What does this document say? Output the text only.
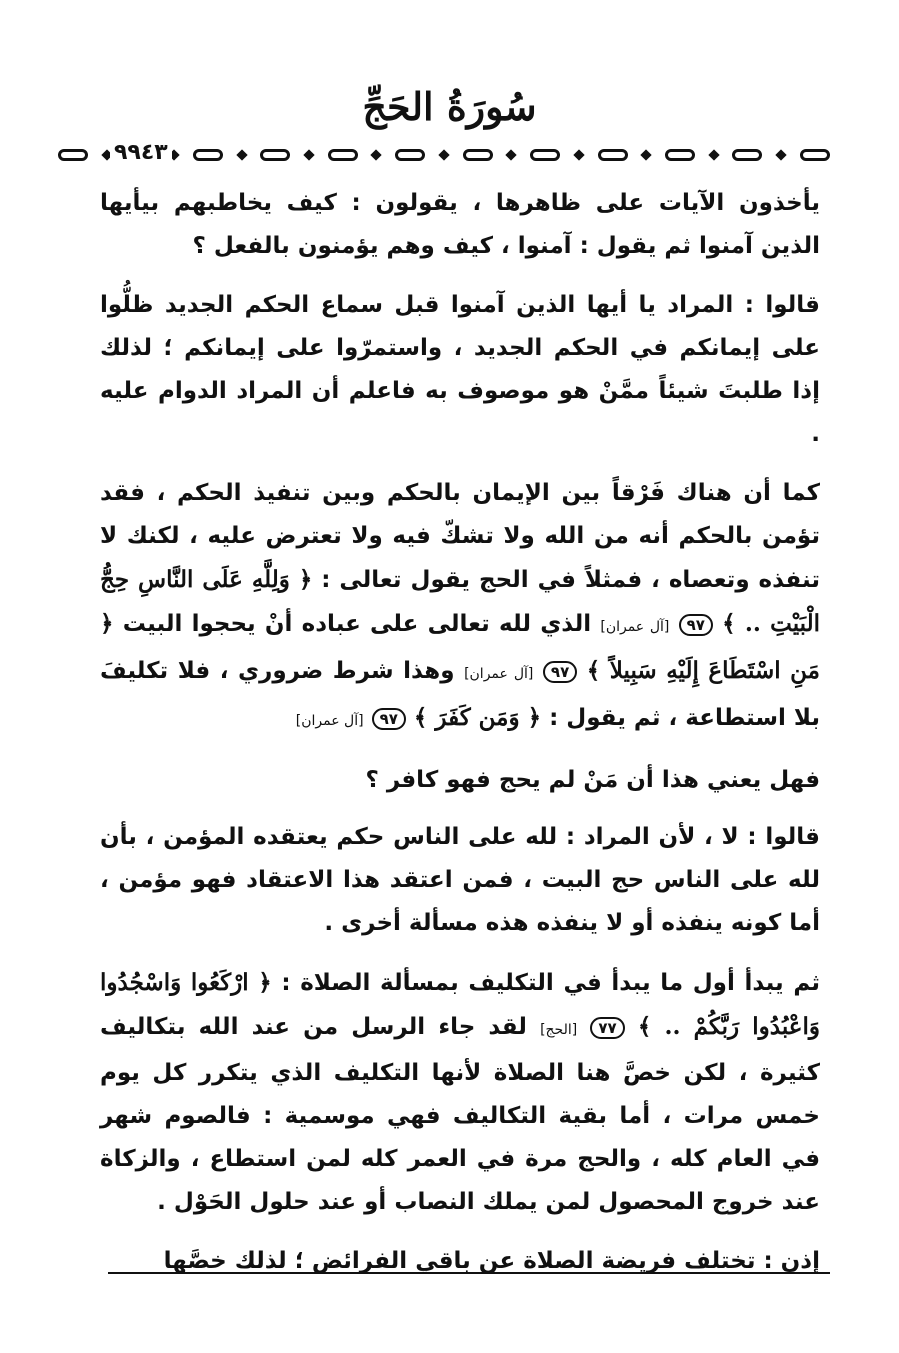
سُورَةُ الحَجِّ
٩٩٤٣

يأخذون الآيات على ظاهرها ، يقولون : كيف يخاطبهم بيأيها الذين آمنوا ثم يقول : آمنوا ، كيف وهم يؤمنون بالفعل ؟

قالوا : المراد يا أيها الذين آمنوا قبل سماع الحكم الجديد ظلُّوا على إيمانكم في الحكم الجديد ، واستمرّوا على إيمانكم ؛ لذلك إذا طلبتَ شيئاً ممَّنْ هو موصوف به فاعلم أن المراد الدوام عليه .

كما أن هناك فَرْقاً بين الإيمان بالحكم وبين تنفيذ الحكم ، فقد تؤمن بالحكم أنه من الله ولا تشكّ فيه ولا تعترض عليه ، لكنك لا تنفذه وتعصاه ، فمثلاً في الحج يقول تعالى : ﴿ وَلِلَّهِ عَلَى النَّاسِ حِجُّ الْبَيْتِ .. ﴾ ٩٧ [آل عمران] الذي لله تعالى على عباده أنْ يحجوا البيت ﴿ مَنِ اسْتَطَاعَ إِلَيْهِ سَبِيلاً ﴾ ٩٧ [آل عمران] وهذا شرط ضروري ، فلا تكليفَ بلا استطاعة ، ثم يقول : ﴿ وَمَن كَفَرَ ﴾ ٩٧ [آل عمران]

فهل يعني هذا أن مَنْ لم يحج فهو كافر ؟

قالوا : لا ، لأن المراد : لله على الناس حكم يعتقده المؤمن ، بأن لله على الناس حج البيت ، فمن اعتقد هذا الاعتقاد فهو مؤمن ، أما كونه ينفذه أو لا ينفذه هذه مسألة أخرى .

ثم يبدأ أول ما يبدأ في التكليف بمسألة الصلاة : ﴿ ارْكَعُوا وَاسْجُدُوا وَاعْبُدُوا رَبَّكُمْ .. ﴾ ٧٧ [الحج] لقد جاء الرسل من عند الله بتكاليف كثيرة ، لكن خصَّ هنا الصلاة لأنها التكليف الذي يتكرر كل يوم خمس مرات ، أما بقية التكاليف فهي موسمية : فالصوم شهر في العام كله ، والحج مرة في العمر كله لمن استطاع ، والزكاة عند خروج المحصول لمن يملك النصاب أو عند حلول الحَوْل .

إذن : تختلف فريضة الصلاة عن باقي الفرائض ؛ لذلك خصَّها
